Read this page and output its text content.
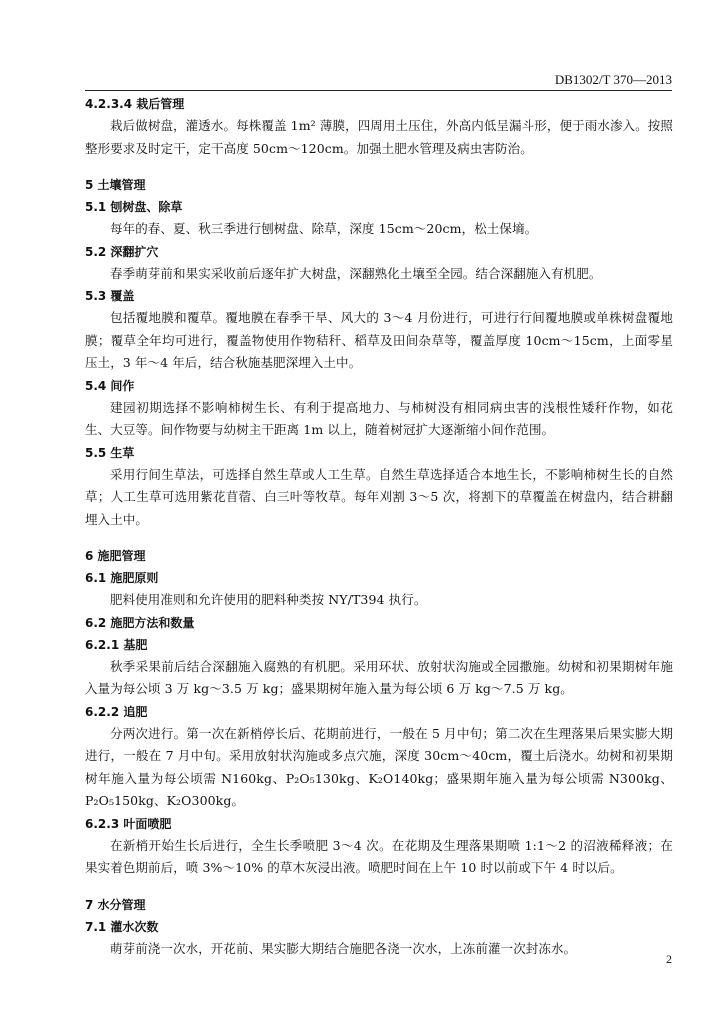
DB1302/T 370—2013
4.2.3.4 栽后管理
栽后做树盘，灌透水。每株覆盖 1m² 薄膜，四周用土压住，外高内低呈漏斗形，便于雨水渗入。按照整形要求及时定干，定干高度 50cm～120cm。加强土肥水管理及病虫害防治。
5 土壤管理
5.1 刨树盘、除草
每年的春、夏、秋三季进行刨树盘、除草，深度 15cm～20cm，松土保墒。
5.2 深翻扩穴
春季萌芽前和果实采收前后逐年扩大树盘，深翻熟化土壤至全园。结合深翻施入有机肥。
5.3 覆盖
包括覆地膜和覆草。覆地膜在春季干旱、风大的 3～4 月份进行，可进行行间覆地膜或单株树盘覆地膜；覆草全年均可进行，覆盖物使用作物秸秆、稻草及田间杂草等，覆盖厚度 10cm～15cm，上面零星压土，3 年～4 年后，结合秋施基肥深埋入土中。
5.4 间作
建园初期选择不影响柿树生长、有利于提高地力、与柿树没有相同病虫害的浅根性矮秆作物，如花生、大豆等。间作物要与幼树主干距离 1m 以上，随着树冠扩大逐渐缩小间作范围。
5.5 生草
采用行间生草法，可选择自然生草或人工生草。自然生草选择适合本地生长，不影响柿树生长的自然草；人工生草可选用紫花苜蓿、白三叶等牧草。每年刈割 3～5 次，将割下的草覆盖在树盘内，结合耕翻埋入土中。
6 施肥管理
6.1 施肥原则
肥料使用准则和允许使用的肥料种类按 NY/T394 执行。
6.2 施肥方法和数量
6.2.1 基肥
秋季采果前后结合深翻施入腐熟的有机肥。采用环状、放射状沟施或全园撒施。幼树和初果期树年施入量为每公顷 3 万 kg～3.5 万 kg；盛果期树年施入量为每公顷 6 万 kg～7.5 万 kg。
6.2.2 追肥
分两次进行。第一次在新梢停长后、花期前进行，一般在 5 月中旬；第二次在生理落果后果实膨大期进行，一般在 7 月中旬。采用放射状沟施或多点穴施，深度 30cm～40cm，覆土后浇水。幼树和初果期树年施入量为每公顷需 N160kg、P₂O₅130kg、K₂O140kg；盛果期年施入量为每公顷需 N300kg、P₂O₅150kg、K₂O300kg。
6.2.3 叶面喷肥
在新梢开始生长后进行，全生长季喷肥 3～4 次。在花期及生理落果期喷 1:1～2 的沼液稀释液；在果实着色期前后，喷 3%～10% 的草木灰浸出液。喷肥时间在上午 10 时以前或下午 4 时以后。
7 水分管理
7.1 灌水次数
萌芽前浇一次水，开花前、果实膨大期结合施肥各浇一次水，上冻前灌一次封冻水。
2
